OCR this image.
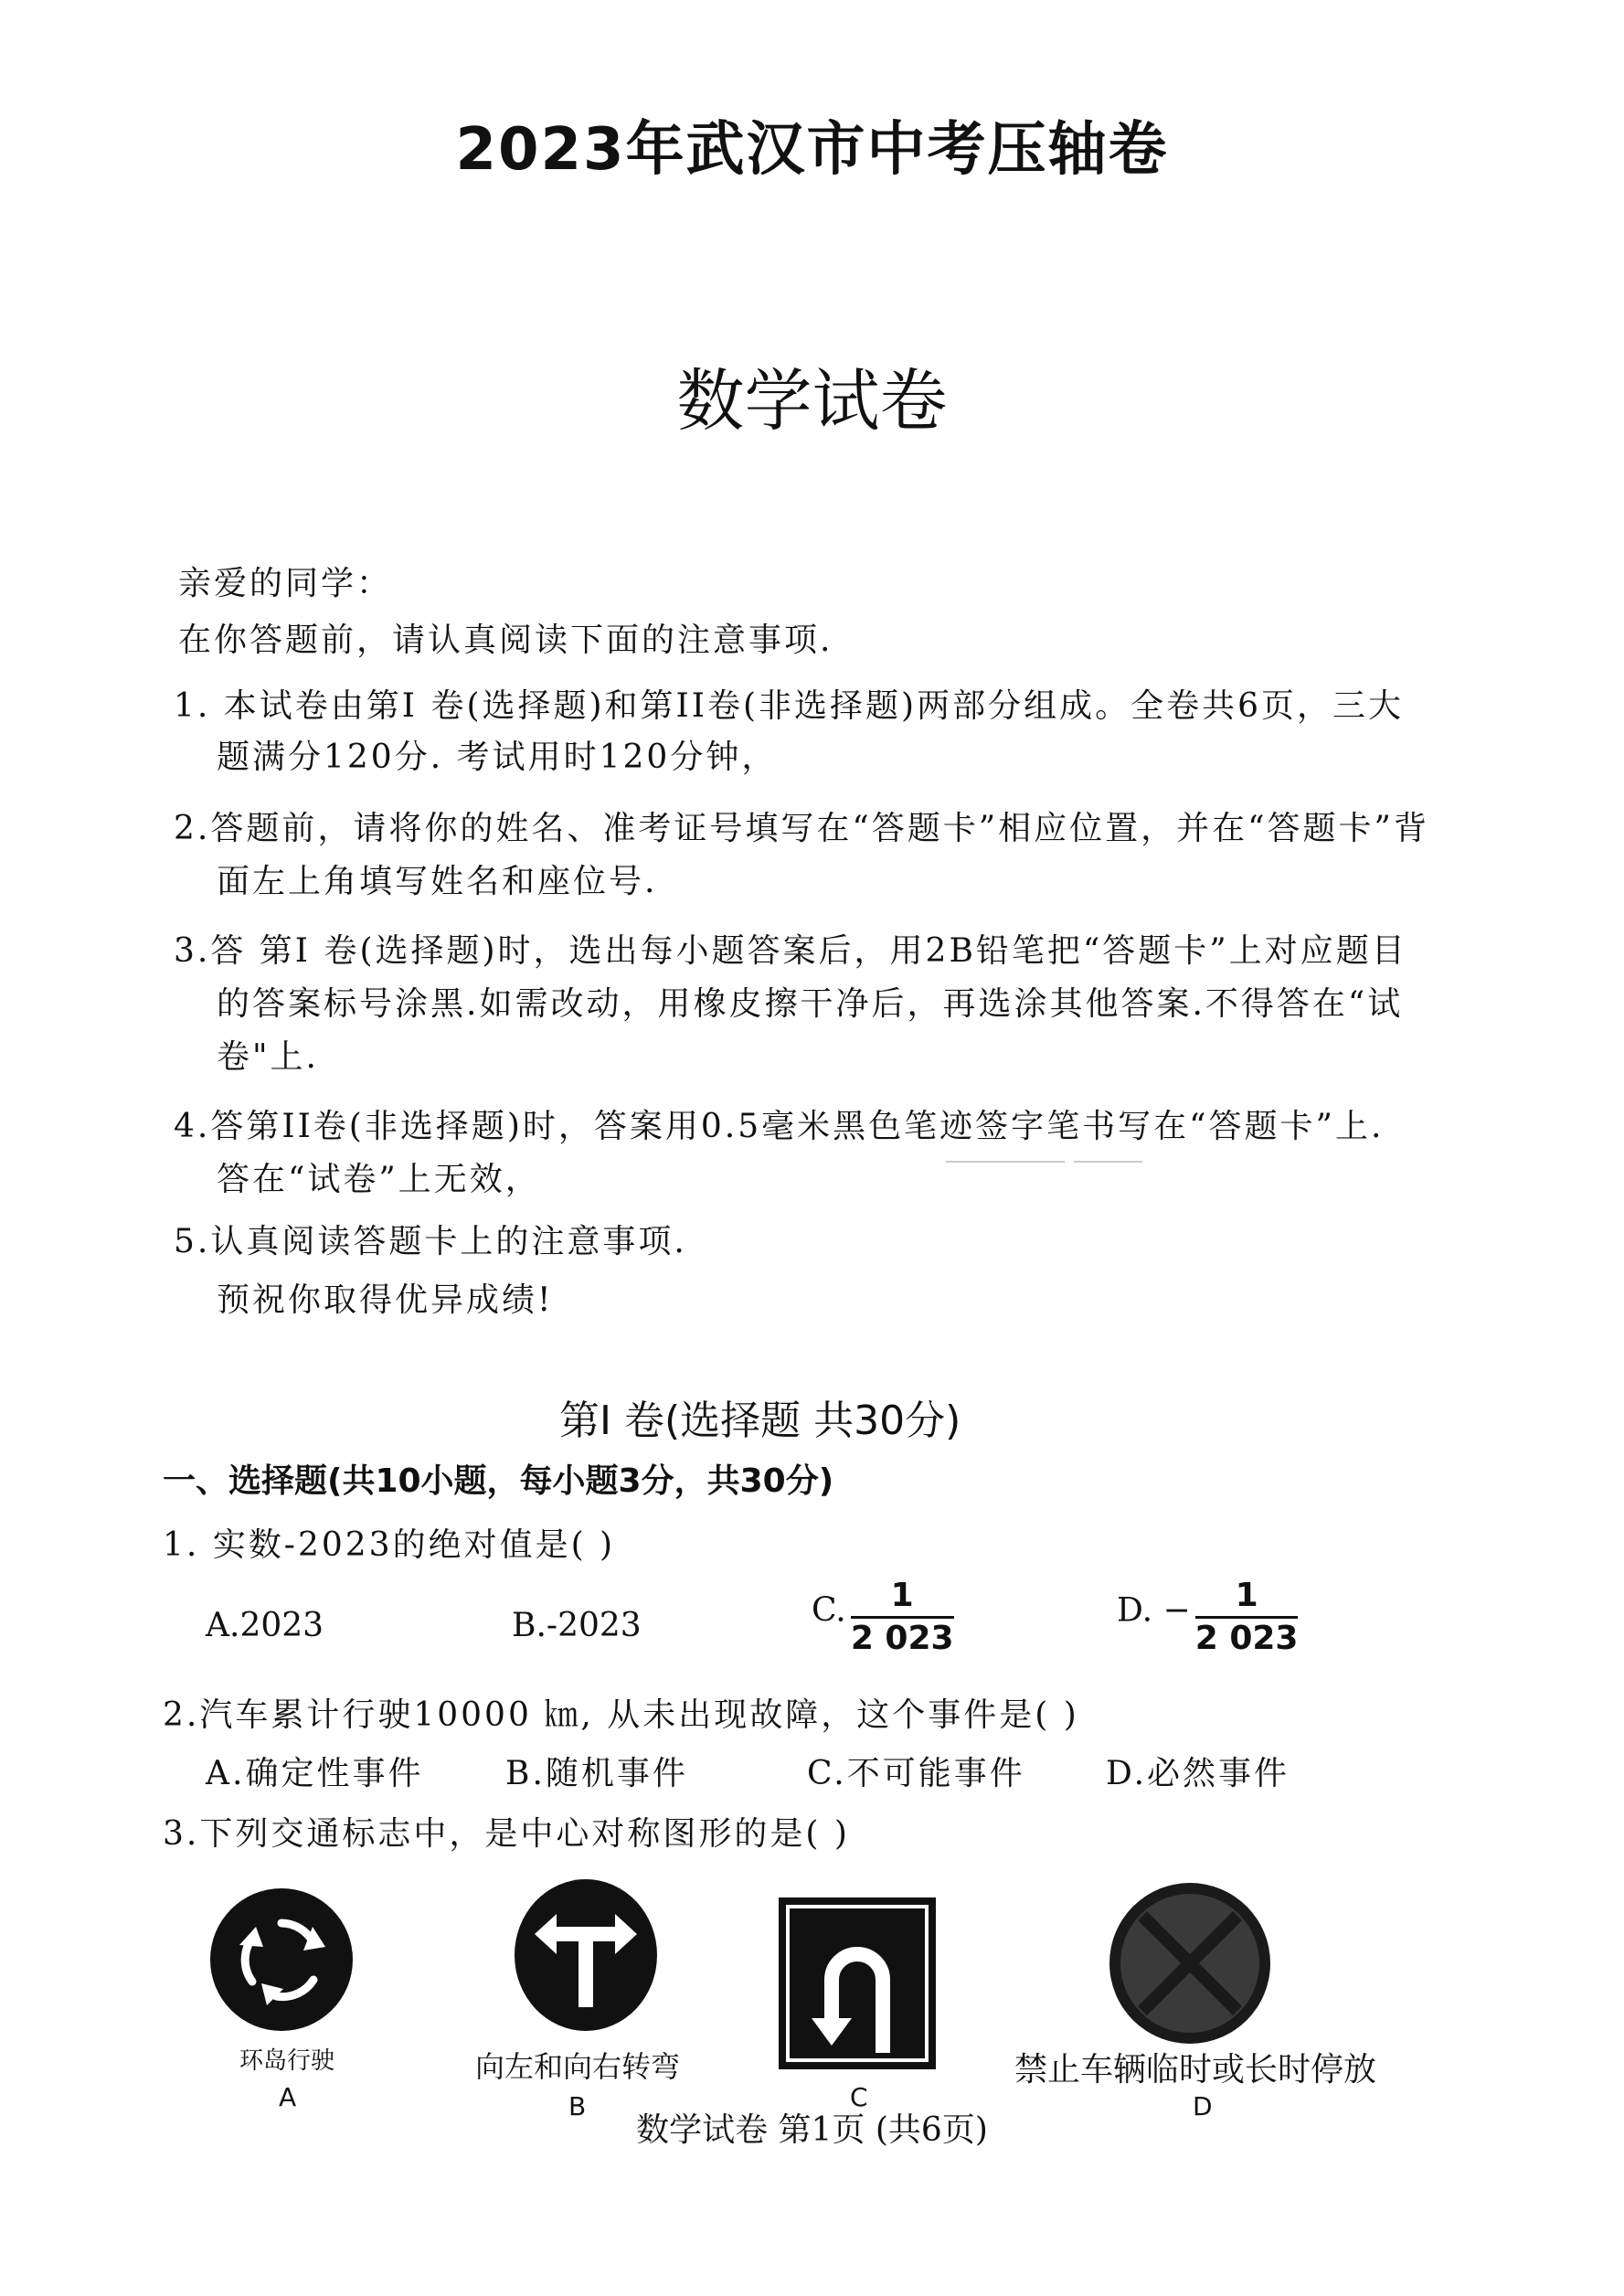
2023年武汉市中考压轴卷
数学试卷
亲爱的同学：
在你答题前，请认真阅读下面的注意事项.
1. 本试卷由第I 卷(选择题)和第II卷(非选择题)两部分组成。全卷共6页，三大
题满分120分. 考试用时120分钟，
2.答题前，请将你的姓名、准考证号填写在“答题卡”相应位置，并在“答题卡”背
面左上角填写姓名和座位号.
3.答 第I 卷(选择题)时，选出每小题答案后，用2B铅笔把“答题卡”上对应题目
的答案标号涂黑.如需改动，用橡皮擦干净后，再选涂其他答案.不得答在“试
卷"上.
4.答第II卷(非选择题)时，答案用0.5毫米黑色笔迹签字笔书写在“答题卡”上.
答在“试卷”上无效，
5.认真阅读答题卡上的注意事项.
预祝你取得优异成绩!
第I 卷(选择题 共30分)
一、选择题(共10小题，每小题3分，共30分)
1. 实数-2023的绝对值是( )
A.2023	B.-2023	C. $\frac{1}{2 023}$	D. − $\frac{1}{2 023}$
2.汽车累计行驶10000 ㎞, 从未出现故障，这个事件是( )
A.确定性事件 B.随机事件	C.不可能事件 D.必然事件
3.下列交通标志中，是中心对称图形的是( )
环岛行驶
A
向左和向右转弯
B	C
禁止车辆临时或长时停放
D
数学试卷 第1页 (共6页)
